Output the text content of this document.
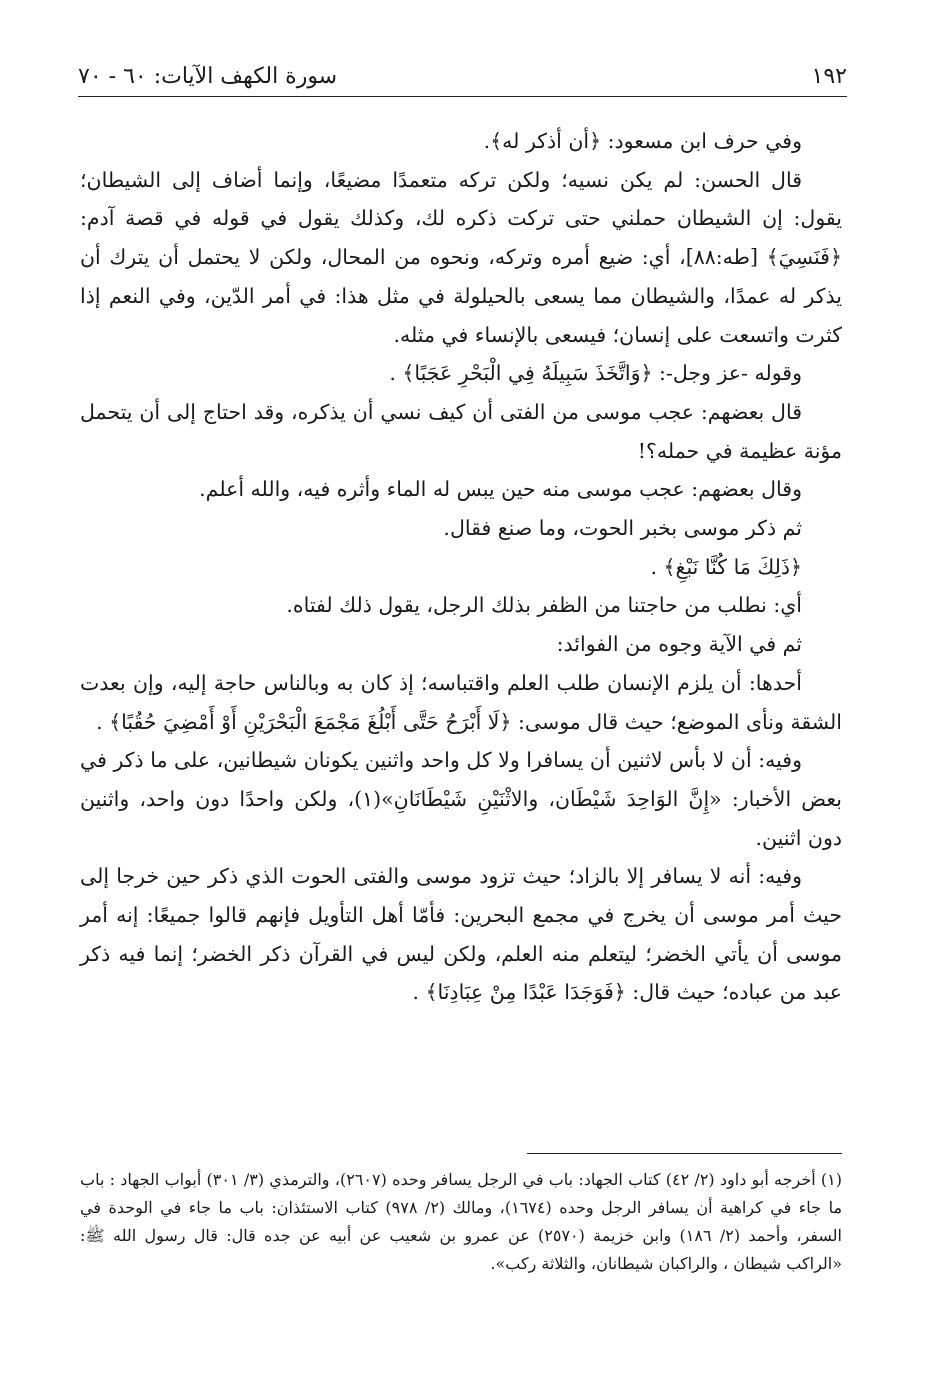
١٩٢
سورة الكهف الآيات: ٦٠ - ٧٠

وفي حرف ابن مسعود: ﴿أن أذكر له﴾.

قال الحسن: لم يكن نسيه؛ ولكن تركه متعمدًا مضيعًا، وإنما أضاف إلى الشيطان؛ يقول: إن الشيطان حملني حتى تركت ذكره لك، وكذلك يقول في قوله في قصة آدم: ﴿فَنَسِيَ﴾ [طه:٨٨]، أي: ضيع أمره وتركه، ونحوه من المحال، ولكن لا يحتمل أن يترك أن يذكر له عمدًا، والشيطان مما يسعى بالحيلولة في مثل هذا: في أمر الدّين، وفي النعم إذا كثرت واتسعت على إنسان؛ فيسعى بالإنساء في مثله.

وقوله -عز وجل-: ﴿وَاتَّخَذَ سَبِيلَهُ فِي الْبَحْرِ عَجَبًا﴾ .

قال بعضهم: عجب موسى من الفتى أن كيف نسي أن يذكره، وقد احتاج إلى أن يتحمل مؤنة عظيمة في حمله؟!

وقال بعضهم: عجب موسى منه حين يبس له الماء وأثره فيه، والله أعلم.

ثم ذكر موسى بخبر الحوت، وما صنع فقال.

﴿ذَلِكَ مَا كُنَّا نَبْغِ﴾ .

أي: نطلب من حاجتنا من الظفر بذلك الرجل، يقول ذلك لفتاه.

ثم في الآية وجوه من الفوائد:

أحدها: أن يلزم الإنسان طلب العلم واقتباسه؛ إذ كان به وبالناس حاجة إليه، وإن بعدت الشقة ونأى الموضع؛ حيث قال موسى: ﴿لَا أَبْرَحُ حَتَّى أَبْلُغَ مَجْمَعَ الْبَحْرَيْنِ أَوْ أَمْضِيَ حُقُبًا﴾ .

وفيه: أن لا بأس لاثنين أن يسافرا ولا كل واحد واثنين يكونان شيطانين، على ما ذكر في بعض الأخبار: «إِنَّ الوَاحِدَ شَيْطَان، والاثْنَيْنِ شَيْطَانَانِ»(١)، ولكن واحدًا دون واحد، واثنين دون اثنين.

وفيه: أنه لا يسافر إلا بالزاد؛ حيث تزود موسى والفتى الحوت الذي ذكر حين خرجا إلى حيث أمر موسى أن يخرج في مجمع البحرين: فأمّا أهل التأويل فإنهم قالوا جميعًا: إنه أمر موسى أن يأتي الخضر؛ ليتعلم منه العلم، ولكن ليس في القرآن ذكر الخضر؛ إنما فيه ذكر عبد من عباده؛ حيث قال: ﴿فَوَجَدَا عَبْدًا مِنْ عِبَادِنَا﴾ .

(١) أخرجه أبو داود (٢/ ٤٢) كتاب الجهاد: باب في الرجل يسافر وحده (٢٦٠٧)، والترمذي (٣/ ٣٠١) أبواب الجهاد : باب ما جاء في كراهية أن يسافر الرجل وحده (١٦٧٤)، ومالك (٢/ ٩٧٨) كتاب الاستئذان: باب ما جاء في الوحدة في السفر، وأحمد (٢/ ١٨٦) وابن خزيمة (٢٥٧٠) عن عمرو بن شعيب عن أبيه عن جده قال: قال رسول الله ﷺ: «الراكب شيطان ، والراكبان شيطانان، والثلاثة ركب».
